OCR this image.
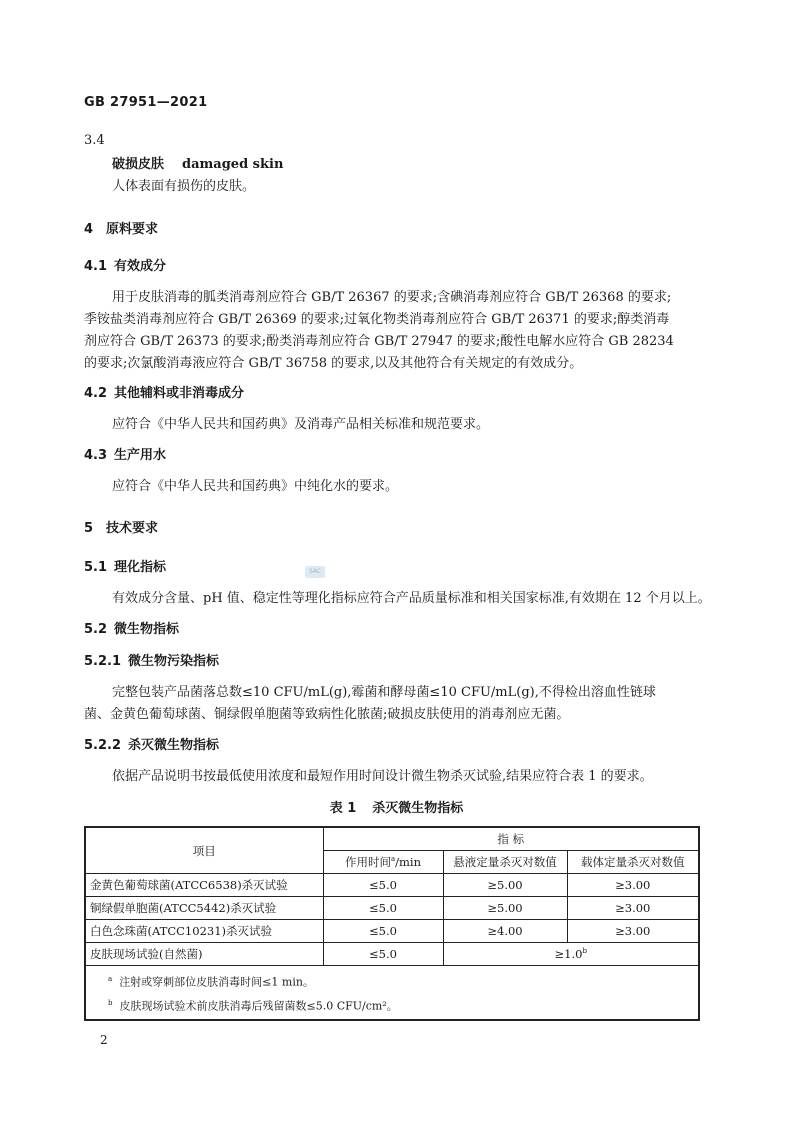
GB 27951—2021
3.4
破损皮肤 damaged skin
人体表面有损伤的皮肤。
4 原料要求
4.1 有效成分
用于皮肤消毒的胍类消毒剂应符合 GB/T 26367 的要求;含碘消毒剂应符合 GB/T 26368 的要求;
季铵盐类消毒剂应符合 GB/T 26369 的要求;过氧化物类消毒剂应符合 GB/T 26371 的要求;醇类消毒
剂应符合 GB/T 26373 的要求;酚类消毒剂应符合 GB/T 27947 的要求;酸性电解水应符合 GB 28234
的要求;次氯酸消毒液应符合 GB/T 36758 的要求,以及其他符合有关规定的有效成分。
4.2 其他辅料或非消毒成分
应符合《中华人民共和国药典》及消毒产品相关标准和规范要求。
4.3 生产用水
应符合《中华人民共和国药典》中纯化水的要求。
5 技术要求
5.1 理化指标
有效成分含量、pH 值、稳定性等理化指标应符合产品质量标准和相关国家标准,有效期在 12 个月以上。
SAC
5.2 微生物指标
5.2.1 微生物污染指标
完整包装产品菌落总数≤10 CFU/mL(g),霉菌和酵母菌≤10 CFU/mL(g),不得检出溶血性链球
菌、金黄色葡萄球菌、铜绿假单胞菌等致病性化脓菌;破损皮肤使用的消毒剂应无菌。
5.2.2 杀灭微生物指标
依据产品说明书按最低使用浓度和最短作用时间设计微生物杀灭试验,结果应符合表 1 的要求。
表 1 杀灭微生物指标
项目	指 标		
	作用时间$^a$/min	悬液定量杀灭对数值	载体定量杀灭对数值
金黄色葡萄球菌(ATCC6538)杀灭试验	≤5.0	≥5.00	≥3.00
铜绿假单胞菌(ATCC5442)杀灭试验	≤5.0	≥5.00	≥3.00
白色念珠菌(ATCC10231)杀灭试验	≤5.0	≥4.00	≥3.00
皮肤现场试验(自然菌)	≤5.0	≥1.0$^b$

$^a$ 注射或穿刺部位皮肤消毒时间≤1 min。
$^b$ 皮肤现场试验术前皮肤消毒后残留菌数≤5.0 CFU/cm²。			
2
